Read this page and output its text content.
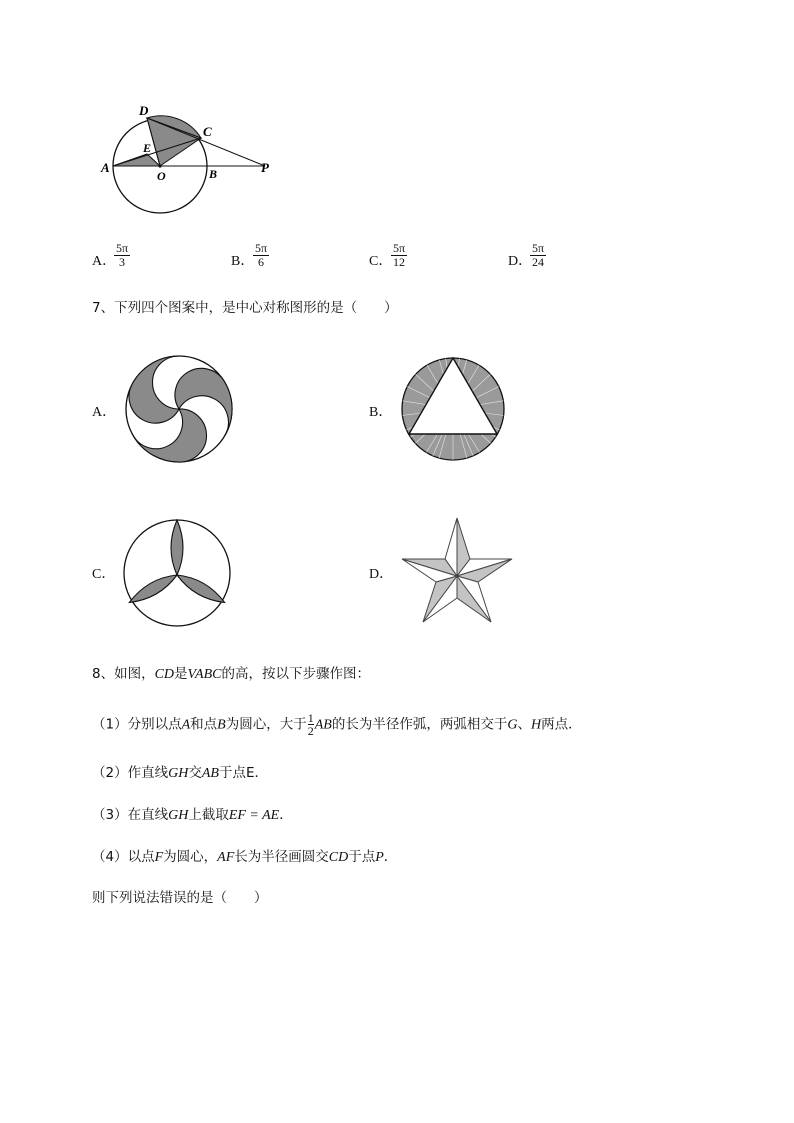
D
C
E
A
O	B	P
A．
5π
3	B．
5π
6	C．
5π
12	D．
5π
24
7、下列四个图案中，是中心对称图形的是（　　）
A．	B．
C．	D．
8、如图，CD是VABC的高，按以下步骤作图：
（1）分别以点A和点B为圆心，大于 $\frac{1}{2}$ AB的长为半径作弧，两弧相交于G、H两点．
（2）作直线GH交AB于点E．
（3）在直线GH上截取EF = AE．
（4）以点F为圆心，AF长为半径画圆交CD于点P．
则下列说法错误的是（　　）
